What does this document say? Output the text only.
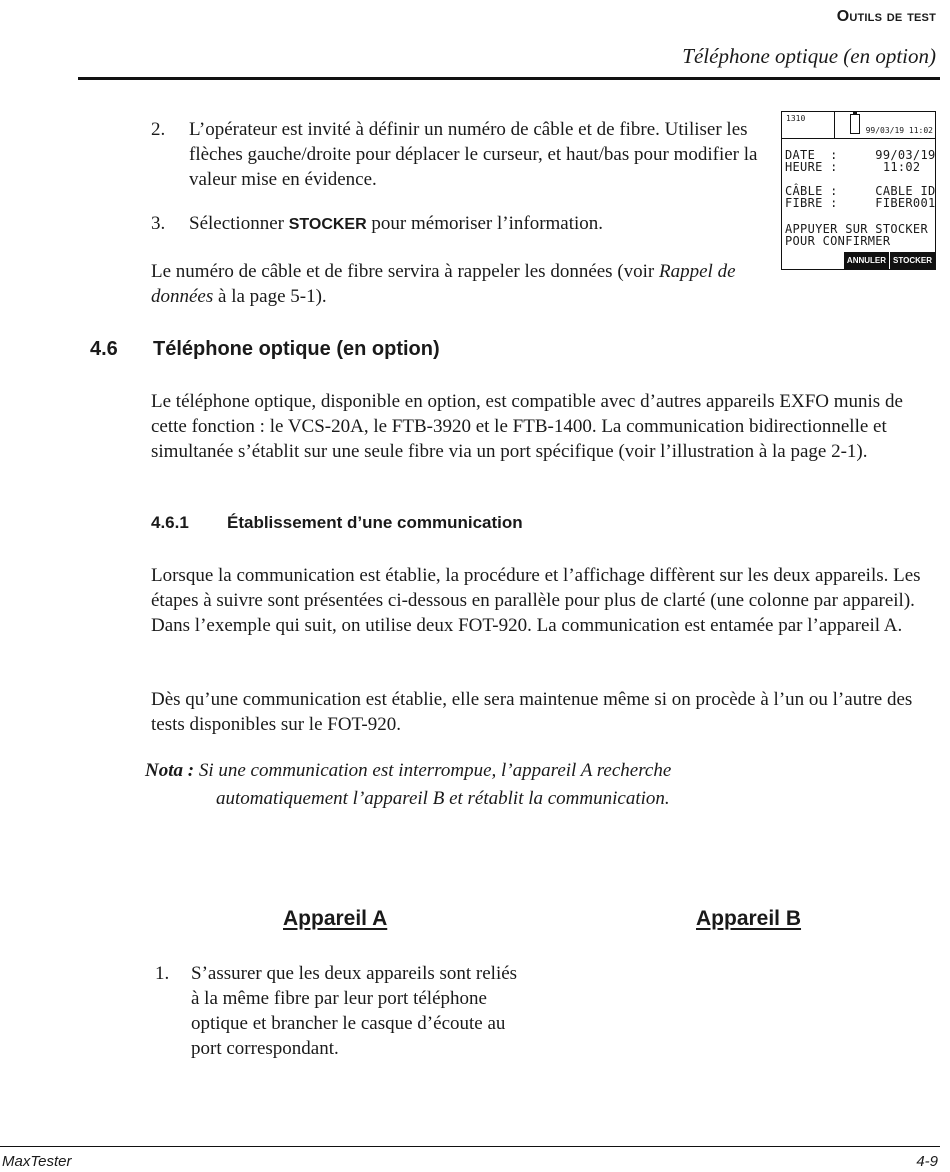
Outils de test
Téléphone optique (en option)
2. L’opérateur est invité à définir un numéro de câble et de fibre. Utiliser les flèches gauche/droite pour déplacer le curseur, et haut/bas pour modifier la valeur mise en évidence.
3. Sélectionner STOCKER pour mémoriser l’information.
Le numéro de câble et de fibre servira à rappeler les données (voir Rappel de données à la page 5-1).
1310
99/03/19 11:02
DATE  :     99/03/19
HEURE :      11:02
CÂBLE :     CABLE ID
FIBRE :     FIBER001
APPUYER SUR STOCKER
POUR CONFIRMER
ANNULER STOCKER
4.6 Téléphone optique (en option)
Le téléphone optique, disponible en option, est compatible avec d’autres appareils EXFO munis de cette fonction : le VCS-20A, le FTB-3920 et le FTB-1400. La communication bidirectionnelle et simultanée s’établit sur une seule fibre via un port spécifique (voir l’illustration à la page 2-1).
4.6.1 Établissement d’une communication
Lorsque la communication est établie, la procédure et l’affichage diffèrent sur les deux appareils. Les étapes à suivre sont présentées ci-dessous en parallèle pour plus de clarté (une colonne par appareil). Dans l’exemple qui suit, on utilise deux FOT-920. La communication est entamée par l’appareil A.
Dès qu’une communication est établie, elle sera maintenue même si on procède à l’un ou l’autre des tests disponibles sur le FOT-920.
Nota : Si une communication est interrompue, l’appareil A recherche
automatiquement l’appareil B et rétablit la communication.
Appareil A	Appareil B
1. S’assurer que les deux appareils sont reliés à la même fibre par leur port téléphone optique et brancher le casque d’écoute au port correspondant.
MaxTester	4-9
